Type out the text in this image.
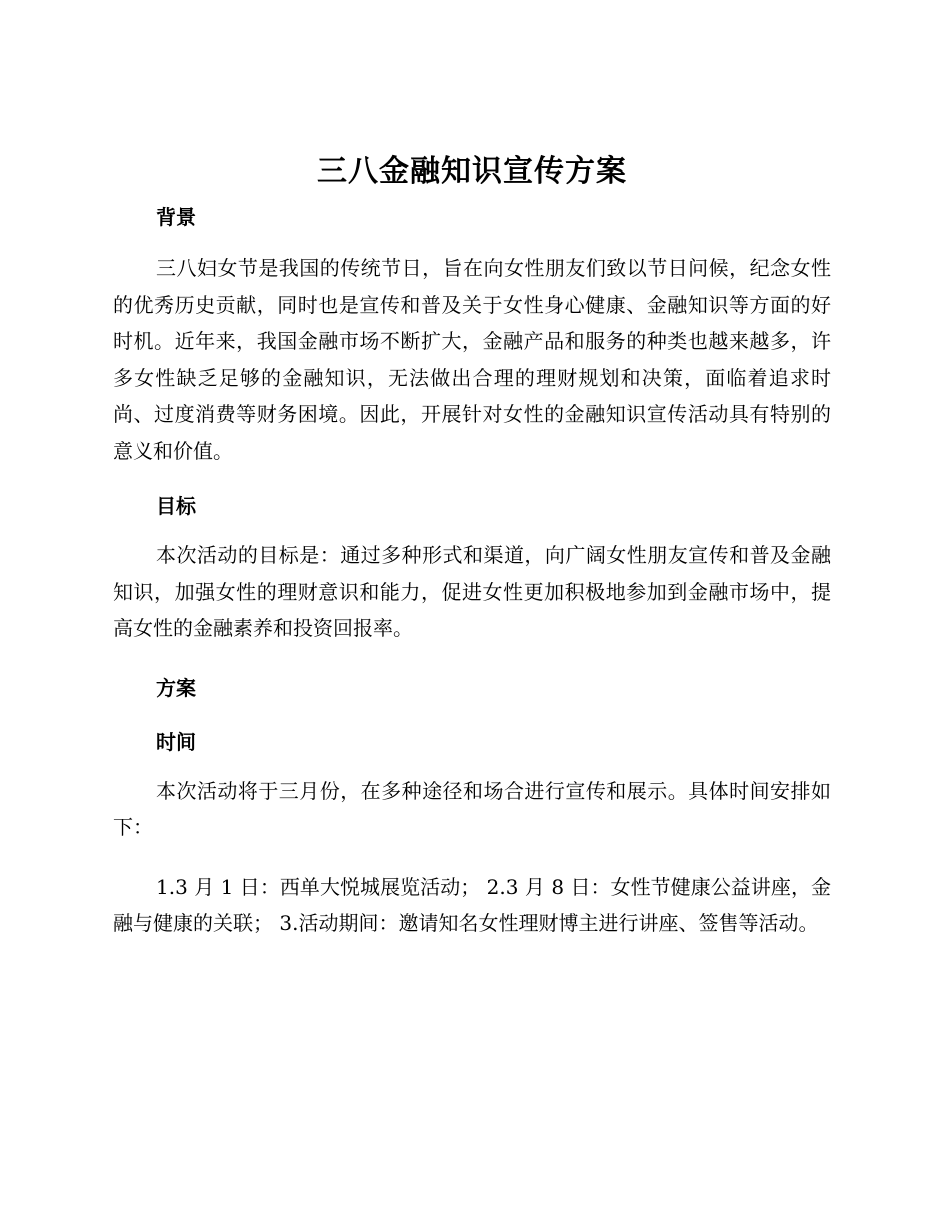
三八金融知识宣传方案
背景

三八妇女节是我国的传统节日，旨在向女性朋友们致以节日问候，纪念女性的优秀历史贡献，同时也是宣传和普及关于女性身心健康、金融知识等方面的好时机。近年来，我国金融市场不断扩大，金融产品和服务的种类也越来越多，许多女性缺乏足够的金融知识，无法做出合理的理财规划和决策，面临着追求时尚、过度消费等财务困境。因此，开展针对女性的金融知识宣传活动具有特别的意义和价值。

目标

本次活动的目标是：通过多种形式和渠道，向广阔女性朋友宣传和普及金融知识，加强女性的理财意识和能力，促进女性更加积极地参加到金融市场中，提高女性的金融素养和投资回报率。

方案
时间

本次活动将于三月份，在多种途径和场合进行宣传和展示。具体时间安排如下：

1.3 月 1 日：西单大悦城展览活动； 2.3 月 8 日：女性节健康公益讲座，金融与健康的关联； 3.活动期间：邀请知名女性理财博主进行讲座、签售等活动。
